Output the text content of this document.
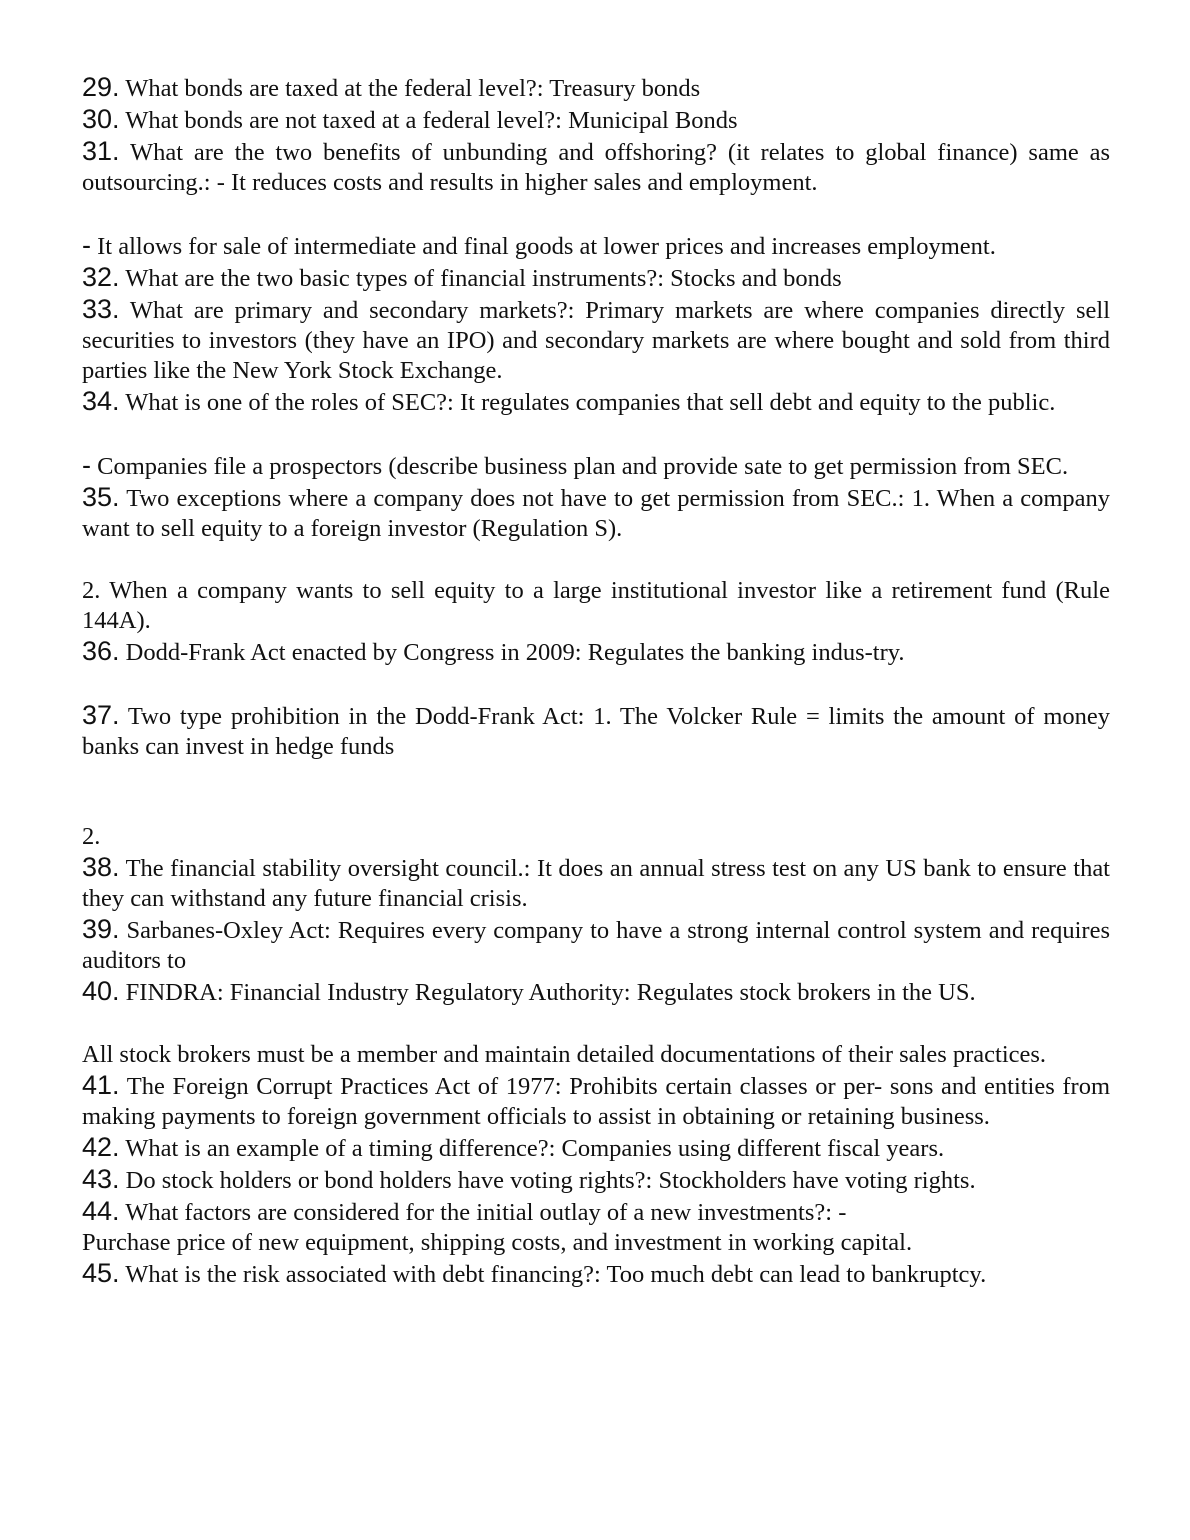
29. What bonds are taxed at the federal level?: Treasury bonds

30. What bonds are not taxed at a federal level?: Municipal Bonds

31. What are the two benefits of unbunding and offshoring? (it relates to global finance) same as outsourcing.: - It reduces costs and results in higher sales and employment.

- It allows for sale of intermediate and final goods at lower prices and increases employment.

32. What are the two basic types of financial instruments?: Stocks and bonds

33. What are primary and secondary markets?: Primary markets are where companies directly sell securities to investors (they have an IPO) and secondary markets are where bought and sold from third parties like the New York Stock Exchange.

34. What is one of the roles of SEC?: It regulates companies that sell debt and equity to the public.

- Companies file a prospectors (describe business plan and provide sate to get permission from SEC.

35. Two exceptions where a company does not have to get permission from SEC.: 1. When a company want to sell equity to a foreign investor (Regulation S).

2. When a company wants to sell equity to a large institutional investor like a retirement fund (Rule 144A).

36. Dodd-Frank Act enacted by Congress in 2009: Regulates the banking indus-try.

37. Two type prohibition in the Dodd-Frank Act: 1. The Volcker Rule = limits the amount of money banks can invest in hedge funds

2.

38. The financial stability oversight council.: It does an annual stress test on any US bank to ensure that they can withstand any future financial crisis.

39. Sarbanes-Oxley Act: Requires every company to have a strong internal control system and requires auditors to

40. FINDRA: Financial Industry Regulatory Authority: Regulates stock brokers in the US.

All stock brokers must be a member and maintain detailed documentations of their sales practices.

41. The Foreign Corrupt Practices Act of 1977: Prohibits certain classes or per- sons and entities from making payments to foreign government officials to assist in obtaining or retaining business.

42. What is an example of a timing difference?: Companies using different fiscal years.

43. Do stock holders or bond holders have voting rights?: Stockholders have voting rights.

44. What factors are considered for the initial outlay of a new investments?: -

Purchase price of new equipment, shipping costs, and investment in working capital.

45. What is the risk associated with debt financing?: Too much debt can lead to bankruptcy.
